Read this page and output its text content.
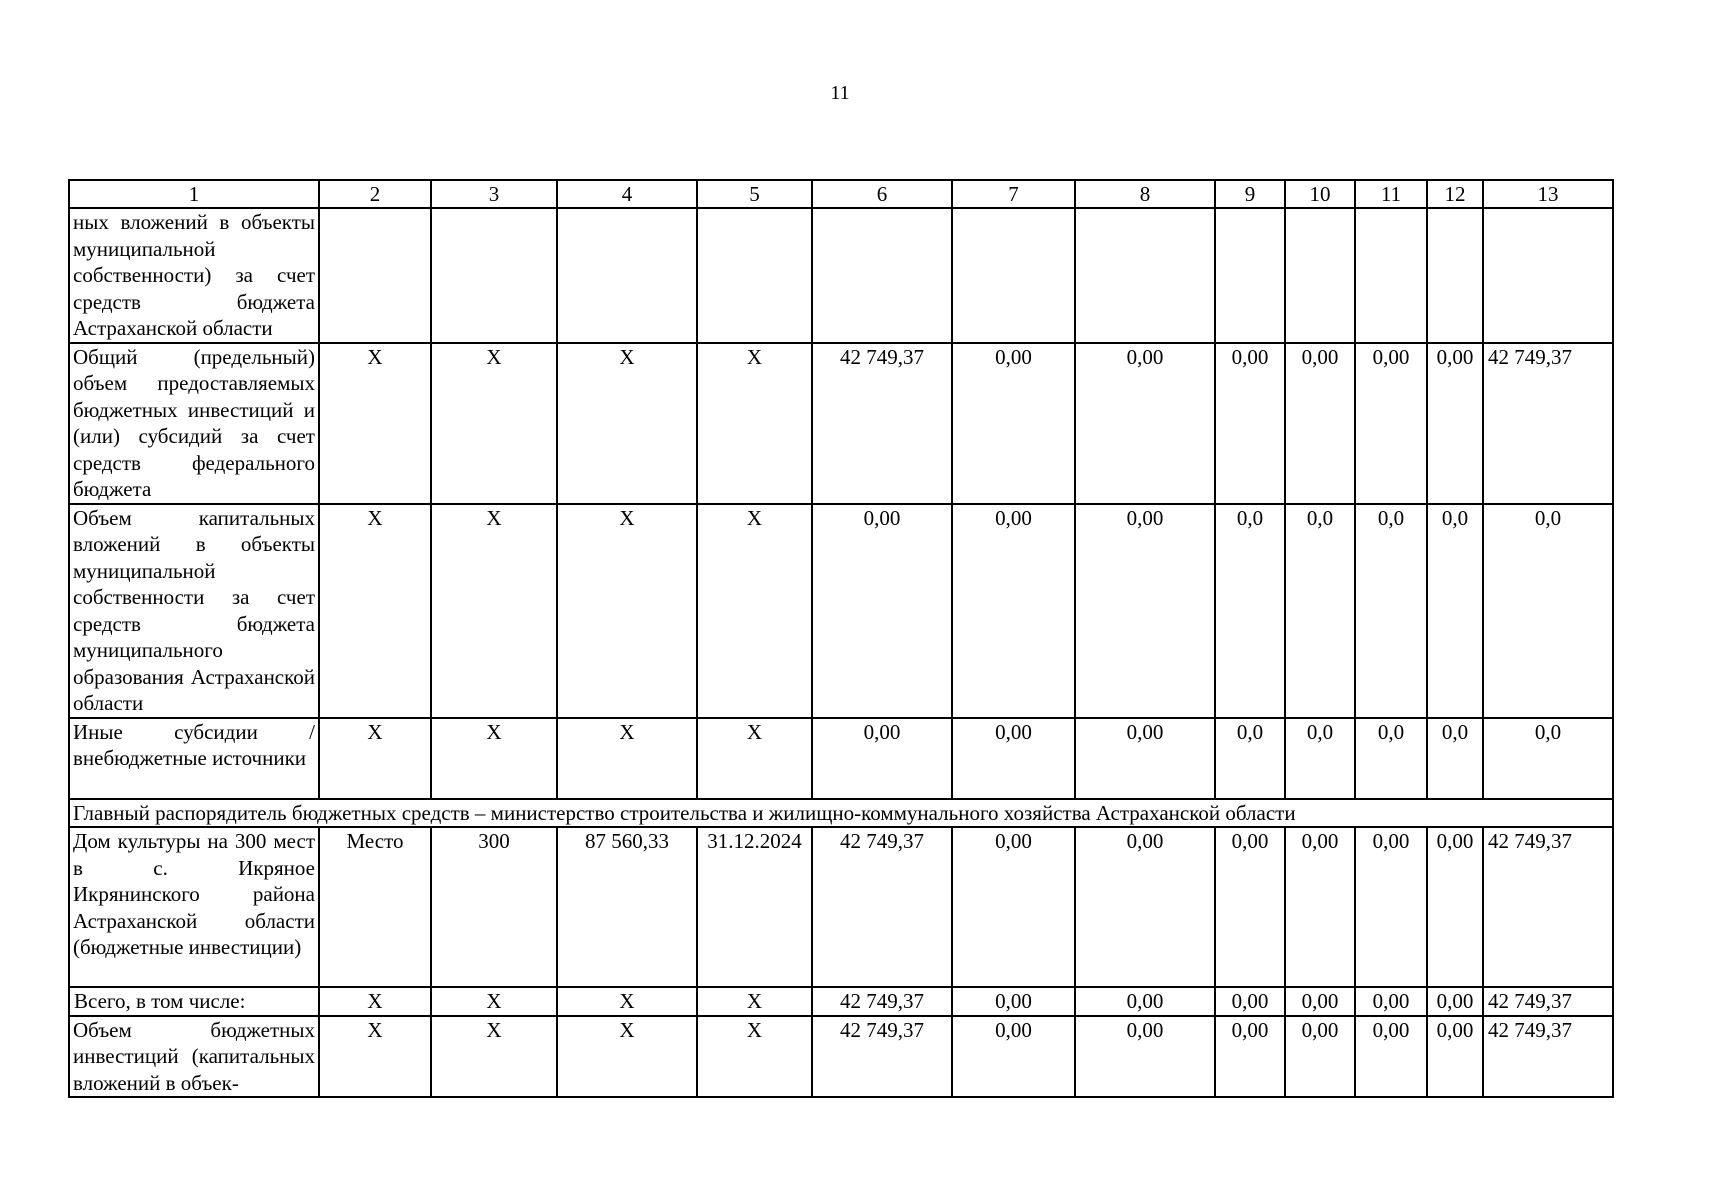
11
1	2	3	4	5	6	7	8	9	10	11	12	13
ных вложений в объекты муниципальной собственности) за счет средств бюджета Астраханской области												
Общий (предельный) объем предоставляемых бюджетных инвестиций и (или) субсидий за счет средств федерального бюджета	Х	Х	Х	Х	42 749,37	0,00	0,00	0,00	0,00	0,00	0,00	42 749,37
Объем капитальных вложений в объекты муниципальной собственности за счет средств бюджета муниципального образования Астраханской области	Х	Х	Х	Х	0,00	0,00	0,00	0,0	0,0	0,0	0,0	0,0
Иные субсидии / внебюджетные источники	Х	Х	Х	Х	0,00	0,00	0,00	0,0	0,0	0,0	0,0	0,0
Главный распорядитель бюджетных средств – министерство строительства и жилищно-коммунального хозяйства Астраханской области												
Дом культуры на 300 мест в с. Икряное Икрянинского района Астраханской области (бюджетные инвестиции)	Место	300	87 560,33	31.12.2024	42 749,37	0,00	0,00	0,00	0,00	0,00	0,00	42 749,37
Всего, в том числе:	Х	Х	Х	Х	42 749,37	0,00	0,00	0,00	0,00	0,00	0,00	42 749,37
Объем бюджетных инвестиций (капитальных вложений в объек-	Х	Х	Х	Х	42 749,37	0,00	0,00	0,00	0,00	0,00	0,00	42 749,37
